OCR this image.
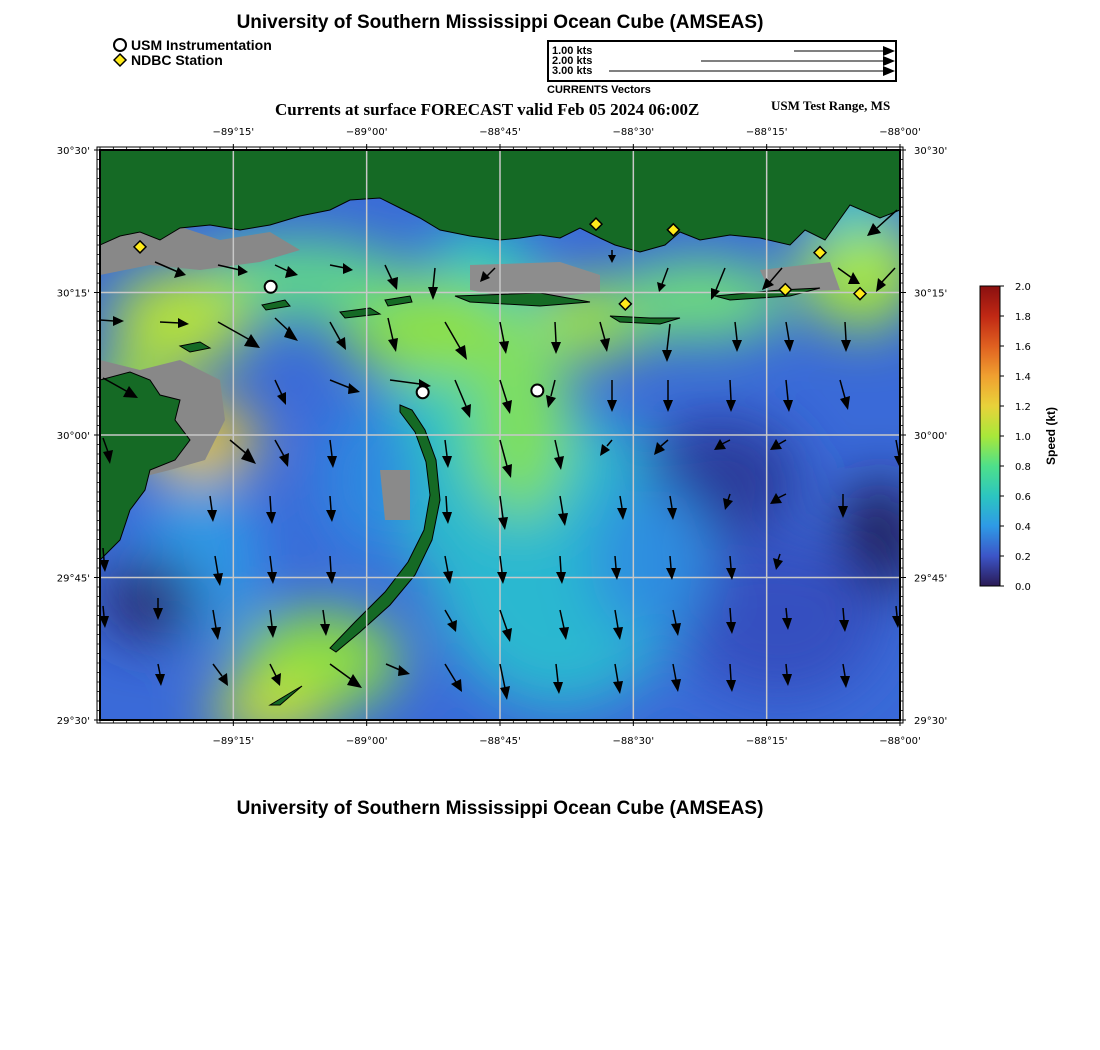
University of Southern Mississippi Ocean Cube (AMSEAS)
USM Instrumentation
NDBC Station
1.00 kts
2.00 kts
3.00 kts
CURRENTS Vectors
Currents at surface FORECAST valid Feb 05 2024 06:00Z	USM Test Range, MS
−89°15'
−89°15'
−89°00'
−89°00'
−88°45'
−88°45'
−88°30'
−88°30'
−88°15'
−88°15'
−88°00'
−88°00'
30°30'	30°30'
30°15'	30°15'
30°00'	30°00'
29°45'	29°45'
29°30'	29°30'
0.0
0.2
0.4
0.6
0.8
1.0
1.2
1.4
1.6
1.8
2.0
Speed (kt)
University of Southern Mississippi Ocean Cube (AMSEAS)
